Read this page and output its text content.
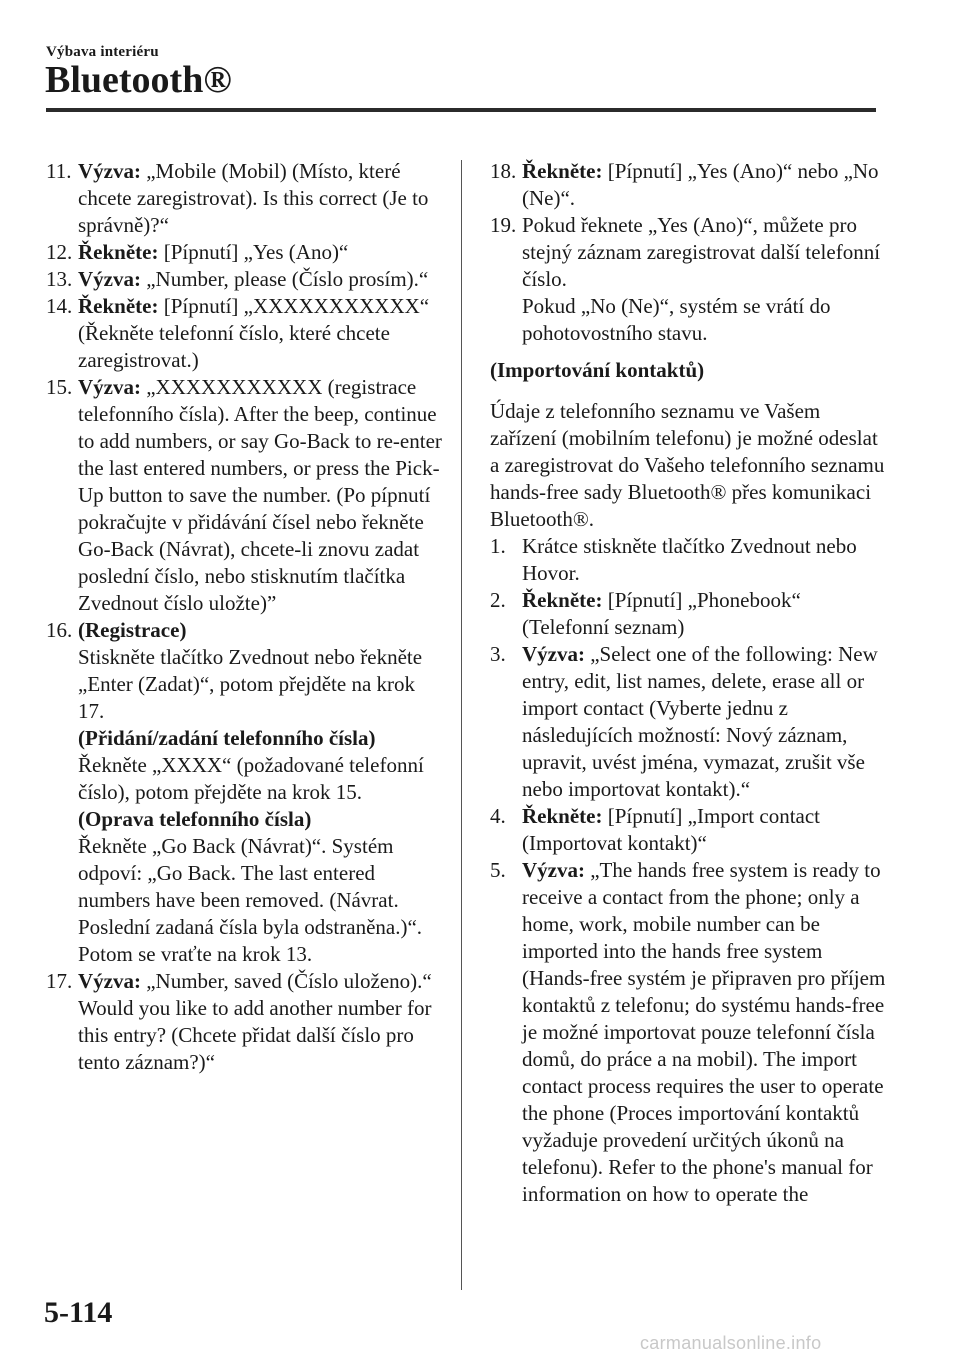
Výbava interiéru
Bluetooth®
11. Výzva: „Mobile (Mobil) (Místo, které chcete zaregistrovat). Is this correct (Je to správně)?“
12. Řekněte: [Pípnutí] „Yes (Ano)“
13. Výzva: „Number, please (Číslo prosím).“
14. Řekněte: [Pípnutí] „XXXXXXXXXXX“ (Řekněte telefonní číslo, které chcete zaregistrovat.)
15. Výzva: „XXXXXXXXXXX (registrace telefonního čísla). After the beep, continue to add numbers, or say Go-Back to re-enter the last entered numbers, or press the Pick-Up button to save the number. (Po pípnutí pokračujte v přidávání čísel nebo řekněte Go-Back (Návrat), chcete-li znovu zadat poslední číslo, nebo stisknutím tlačítka Zvednout číslo uložte)”
16. (Registrace)
Stiskněte tlačítko Zvednout nebo řekněte „Enter (Zadat)“, potom přejděte na krok 17.
(Přidání/zadání telefonního čísla)
Řekněte „XXXX“ (požadované telefonní číslo), potom přejděte na krok 15.
(Oprava telefonního čísla)
Řekněte „Go Back (Návrat)“. Systém odpoví: „Go Back. The last entered numbers have been removed. (Návrat. Poslední zadaná čísla byla odstraněna.)“. Potom se vraťte na krok 13.
17. Výzva: „Number, saved (Číslo uloženo).“ Would you like to add another number for this entry? (Chcete přidat další číslo pro tento záznam?)“
18. Řekněte: [Pípnutí] „Yes (Ano)“ nebo „No (Ne)“.
19. Pokud řeknete „Yes (Ano)“, můžete pro stejný záznam zaregistrovat další telefonní číslo.
Pokud „No (Ne)“, systém se vrátí do pohotovostního stavu.
(Importování kontaktů)

Údaje z telefonního seznamu ve Vašem zařízení (mobilním telefonu) je možné odeslat a zaregistrovat do Vašeho telefonního seznamu hands-free sady Bluetooth® přes komunikaci Bluetooth®.

1. Krátce stiskněte tlačítko Zvednout nebo Hovor.
2. Řekněte: [Pípnutí] „Phonebook“ (Telefonní seznam)
3. Výzva: „Select one of the following: New entry, edit, list names, delete, erase all or import contact (Vyberte jednu z následujících možností: Nový záznam, upravit, uvést jména, vymazat, zrušit vše nebo importovat kontakt).“
4. Řekněte: [Pípnutí] „Import contact (Importovat kontakt)“
5. Výzva: „The hands free system is ready to receive a contact from the phone; only a home, work, mobile number can be imported into the hands free system (Hands-free systém je připraven pro příjem kontaktů z telefonu; do systému hands-free je možné importovat pouze telefonní čísla domů, do práce a na mobil). The import contact process requires the user to operate the phone (Proces importování kontaktů vyžaduje provedení určitých úkonů na telefonu). Refer to the phone's manual for information on how to operate the
5-114
carmanualsonline.info
